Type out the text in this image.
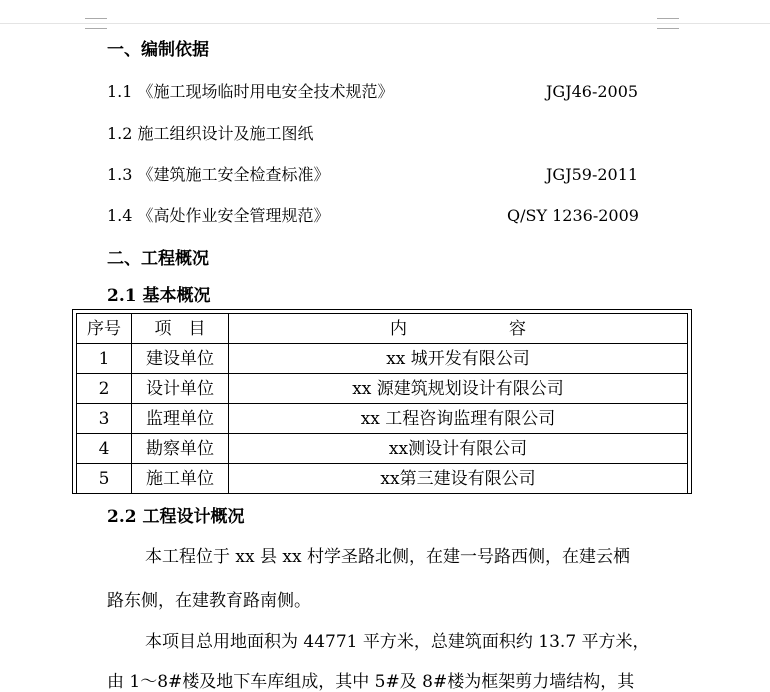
一、编制依据
1.1 《施工现场临时用电安全技术规范》	JGJ46-2005
1.2 施工组织设计及施工图纸
1.3 《建筑施工安全检查标准》	JGJ59-2011
1.4 《高处作业安全管理规范》	Q/SY 1236-2009
二、工程概况
2.1 基本概况
序号	项　目	内　　　　　　容
1	建设单位	xx 城开发有限公司
2	设计单位	xx 源建筑规划设计有限公司
3	监理单位	xx 工程咨询监理有限公司
4	勘察单位	xx测设计有限公司
5	施工单位	xx第三建设有限公司
2.2 工程设计概况
本工程位于 xx 县 xx 村学圣路北侧，在建一号路西侧，在建云栖
路东侧，在建教育路南侧。
本项目总用地面积为 44771 平方米，总建筑面积约 13.7 平方米，
由 1～8#楼及地下车库组成，其中 5#及 8#楼为框架剪力墙结构，其
